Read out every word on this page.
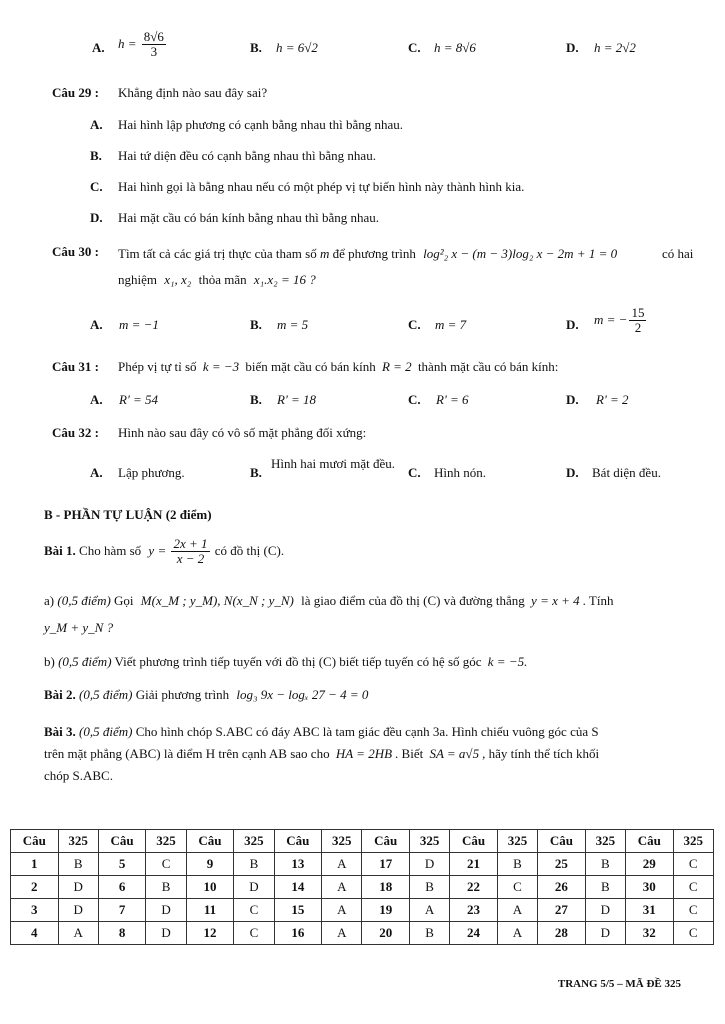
A. $h = \frac{8√6}{3}$	B. h = 6√2	C. h = 8√6	D. h = 2√2
Câu 29 : Khẳng định nào sau đây sai?
A. Hai hình lập phương có cạnh bằng nhau thì bằng nhau.
B. Hai tứ diện đều có cạnh bằng nhau thì bằng nhau.
C. Hai hình gọi là bằng nhau nếu có một phép vị tự biến hình này thành hình kia.
D. Hai mặt cầu có bán kính bằng nhau thì bằng nhau.
Câu 30 : Tìm tất cả các giá trị thực của tham số m để phương trình log²₂ x − (m − 3)log₂ x − 2m + 1 = 0	có hai
nghiệm x₁, x₂ thỏa mãn x₁.x₂ = 16 ?
A. m = −1	B. m = 5	C. m = 7	D. m = − $\frac{15}{2}$
Câu 31 : Phép vị tự tỉ số k = −3 biến mặt cầu có bán kính R = 2 thành mặt cầu có bán kính:
A. R' = 54	B. R' = 18	C. R' = 6	D. R' = 2
Câu 32 : Hình nào sau đây có vô số mặt phẳng đối xứng:
A. Lập phương.	B.
Hình hai mươi mặt đều.
C. Hình nón.	D. Bát diện đều.
B - PHẦN TỰ LUẬN (2 điểm)
Bài 1. Cho hàm số $y = \frac{2x + 1}{x - 2}$ có đồ thị (C).
a) (0,5 điểm) Gọi M(x_M ; y_M), N(x_N ; y_N) là giao điểm của đồ thị (C) và đường thẳng y = x + 4 . Tính
y_M + y_N ?
b) (0,5 điểm) Viết phương trình tiếp tuyến với đồ thị (C) biết tiếp tuyến có hệ số góc k = −5.
Bài 2. (0,5 điểm) Giải phương trình log₃ 9x − logₓ 27 − 4 = 0
Bài 3. (0,5 điểm) Cho hình chóp S.ABC có đáy ABC là tam giác đều cạnh 3a. Hình chiếu vuông góc của S
trên mặt phẳng (ABC) là điểm H trên cạnh AB sao cho HA = 2HB . Biết SA = a√5 , hãy tính thể tích khối
chóp S.ABC.
Câu	325	Câu	325	Câu	325	Câu	325	Câu	325	Câu	325	Câu	325	Câu	325
1	B	5	C	9	B	13	A	17	D	21	B	25	B	29	C
2	D	6	B	10	D	14	A	18	B	22	C	26	B	30	C
3	D	7	D	11	C	15	A	19	A	23	A	27	D	31	C
4	A	8	D	12	C	16	A	20	B	24	A	28	D	32	C
TRANG 5/5 – MÃ ĐỀ 325
